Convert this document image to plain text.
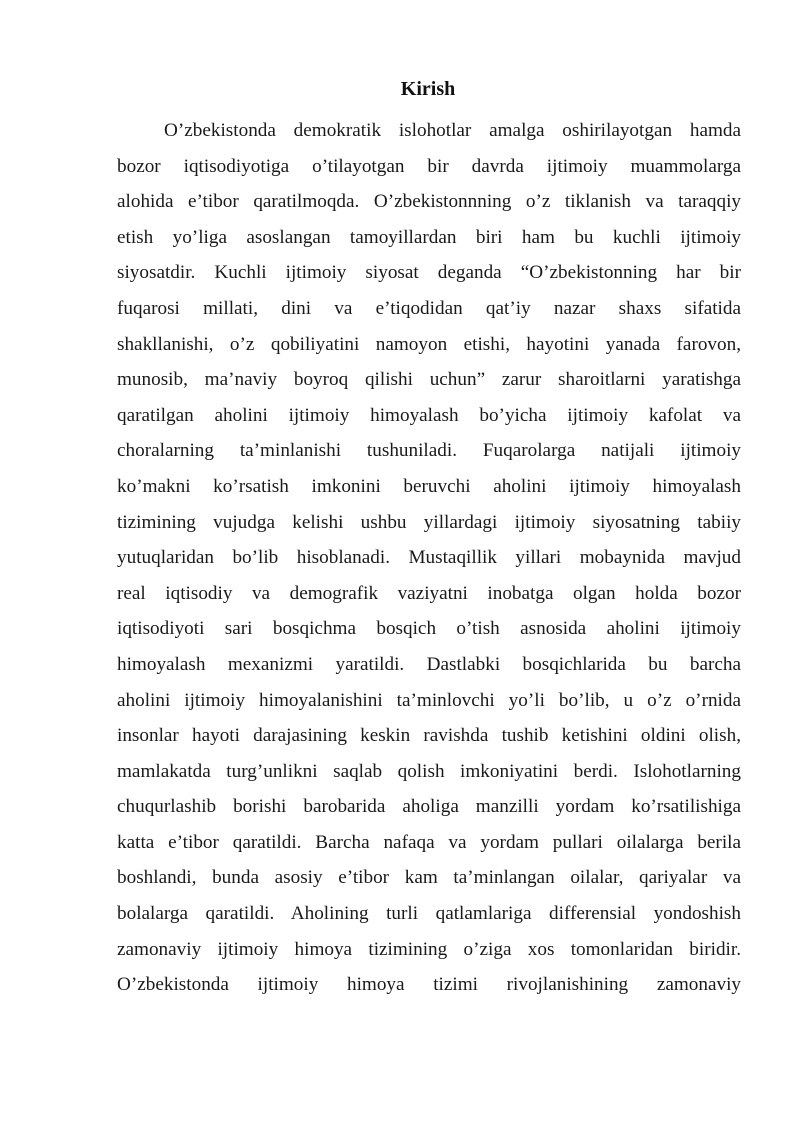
Kirish
O’zbekistonda demokratik islohotlar amalga oshirilayotgan hamda
bozor iqtisodiyotiga o’tilayotgan bir davrda ijtimoiy muammolarga
alohida e’tibor qaratilmoqda. O’zbekistonnning o’z tiklanish va taraqqiy
etish yo’liga asoslangan tamoyillardan biri ham bu kuchli ijtimoiy
siyosatdir. Kuchli ijtimoiy siyosat deganda “O’zbekistonning har bir
fuqarosi millati, dini va e’tiqodidan qat’iy nazar shaxs sifatida
shakllanishi, o’z qobiliyatini namoyon etishi, hayotini yanada farovon,
munosib, ma’naviy boyroq qilishi uchun” zarur sharoitlarni yaratishga
qaratilgan aholini ijtimoiy himoyalash bo’yicha ijtimoiy kafolat va
choralarning ta’minlanishi tushuniladi. Fuqarolarga natijali ijtimoiy
ko’makni ko’rsatish imkonini beruvchi aholini ijtimoiy himoyalash
tizimining vujudga kelishi ushbu yillardagi ijtimoiy siyosatning tabiiy
yutuqlaridan bo’lib hisoblanadi. Mustaqillik yillari mobaynida mavjud
real iqtisodiy va demografik vaziyatni inobatga olgan holda bozor
iqtisodiyoti sari bosqichma bosqich o’tish asnosida aholini ijtimoiy
himoyalash mexanizmi yaratildi. Dastlabki bosqichlarida bu barcha
aholini ijtimoiy himoyalanishini ta’minlovchi yo’li bo’lib, u o’z o’rnida
insonlar hayoti darajasining keskin ravishda tushib ketishini oldini olish,
mamlakatda turg’unlikni saqlab qolish imkoniyatini berdi. Islohotlarning
chuqurlashib borishi barobarida aholiga manzilli yordam ko’rsatilishiga
katta e’tibor qaratildi. Barcha nafaqa va yordam pullari oilalarga berila
boshlandi, bunda asosiy e’tibor kam ta’minlangan oilalar, qariyalar va
bolalarga qaratildi. Aholining turli qatlamlariga differensial yondoshish
zamonaviy ijtimoiy himoya tizimining o’ziga xos tomonlaridan biridir.
O’zbekistonda ijtimoiy himoya tizimi rivojlanishining zamonaviy
